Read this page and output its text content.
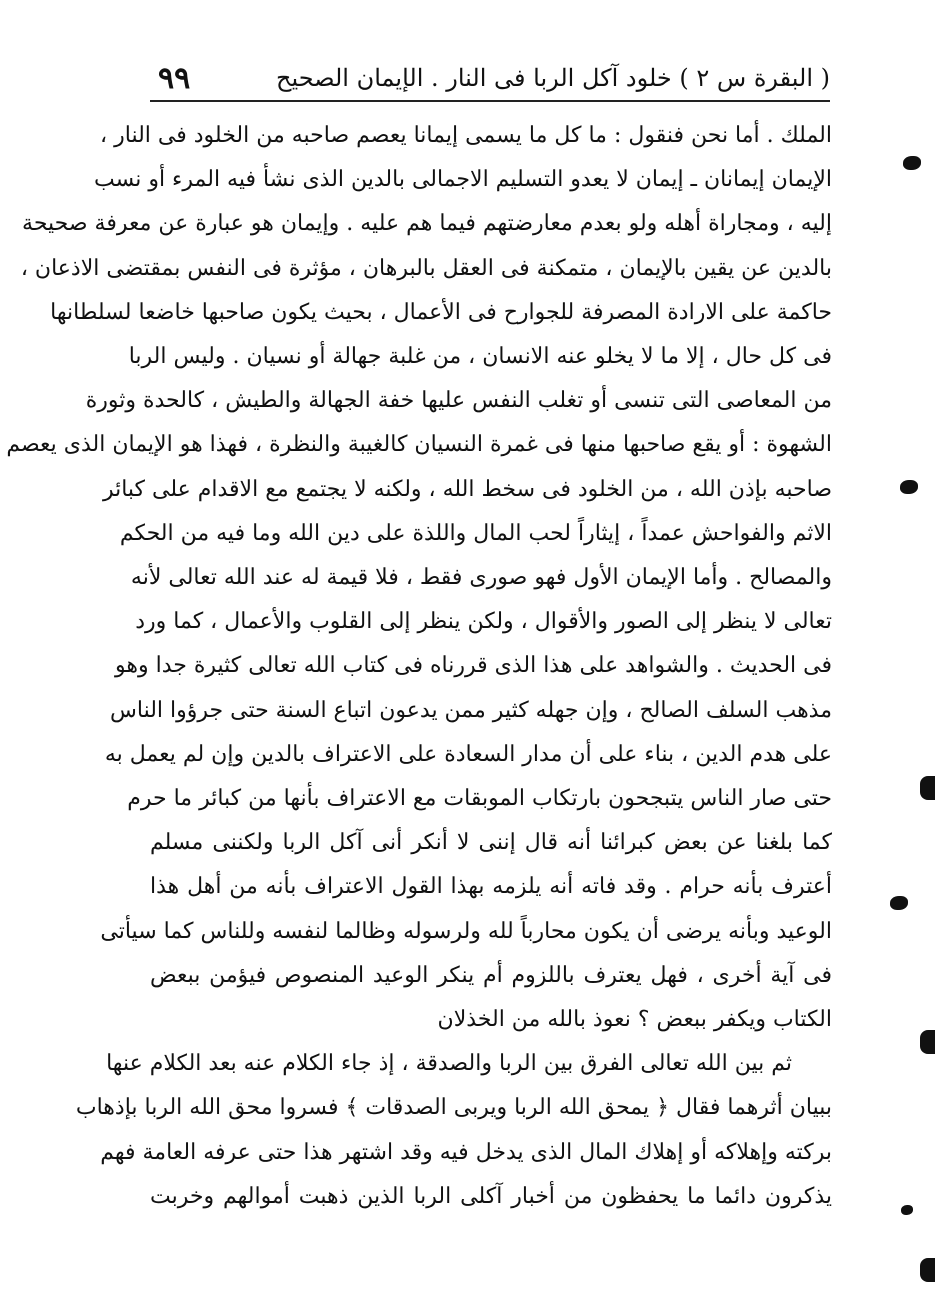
( البقرة س ٢ ) خلود آكل الربا فى النار . الإيمان الصحيح
٩٩
الملك . أما نحن فنقول : ما كل ما يسمى إيمانا يعصم صاحبه من الخلود فى النار ،
الإيمان إيمانان ـ إيمان لا يعدو التسليم الاجمالى بالدين الذى نشأ فيه المرء أو نسب
إليه ، ومجاراة أهله ولو بعدم معارضتهم فيما هم عليه . وإيمان هو عبارة عن معرفة صحيحة
بالدين عن يقين بالإيمان ، متمكنة فى العقل بالبرهان ، مؤثرة فى النفس بمقتضى الاذعان ،
حاكمة على الارادة المصرفة للجوارح فى الأعمال ، بحيث يكون صاحبها خاضعا لسلطانها
فى كل حال ، إلا ما لا يخلو عنه الانسان ، من غلبة جهالة أو نسيان . وليس الربا
من المعاصى التى تنسى أو تغلب النفس عليها خفة الجهالة والطيش ، كالحدة وثورة
الشهوة : أو يقع صاحبها منها فى غمرة النسيان كالغيبة والنظرة ، فهذا هو الإيمان الذى يعصم
صاحبه بإذن الله ، من الخلود فى سخط الله ، ولكنه لا يجتمع مع الاقدام على كبائر
الاثم والفواحش عمداً ، إيثاراً لحب المال واللذة على دين الله وما فيه من الحكم
والمصالح . وأما الإيمان الأول فهو صورى فقط ، فلا قيمة له عند الله تعالى لأنه
تعالى لا ينظر إلى الصور والأقوال ، ولكن ينظر إلى القلوب والأعمال ، كما ورد
فى الحديث . والشواهد على هذا الذى قررناه فى كتاب الله تعالى كثيرة جدا وهو
مذهب السلف الصالح ، وإن جهله كثير ممن يدعون اتباع السنة حتى جرؤوا الناس
على هدم الدين ، بناء على أن مدار السعادة على الاعتراف بالدين وإن لم يعمل به
حتى صار الناس يتبجحون بارتكاب الموبقات مع الاعتراف بأنها من كبائر ما حرم
كما بلغنا عن بعض كبرائنا أنه قال إننى لا أنكر أنى آكل الربا ولكننى مسلم
أعترف بأنه حرام . وقد فاته أنه يلزمه بهذا القول الاعتراف بأنه من أهل هذا
الوعيد وبأنه يرضى أن يكون محارباً لله ولرسوله وظالما لنفسه وللناس كما سيأتى
فى آية أخرى ، فهل يعترف باللزوم أم ينكر الوعيد المنصوص فيؤمن ببعض
الكتاب ويكفر ببعض ؟ نعوذ بالله من الخذلان
ثم بين الله تعالى الفرق بين الربا والصدقة ، إذ جاء الكلام عنه بعد الكلام عنها
ببيان أثرهما فقال ﴿ يمحق الله الربا ويربى الصدقات ﴾ فسروا محق الله الربا بإذهاب
بركته وإهلاكه أو إهلاك المال الذى يدخل فيه وقد اشتهر هذا حتى عرفه العامة فهم
يذكرون دائما ما يحفظون من أخبار آكلى الربا الذين ذهبت أموالهم وخربت
